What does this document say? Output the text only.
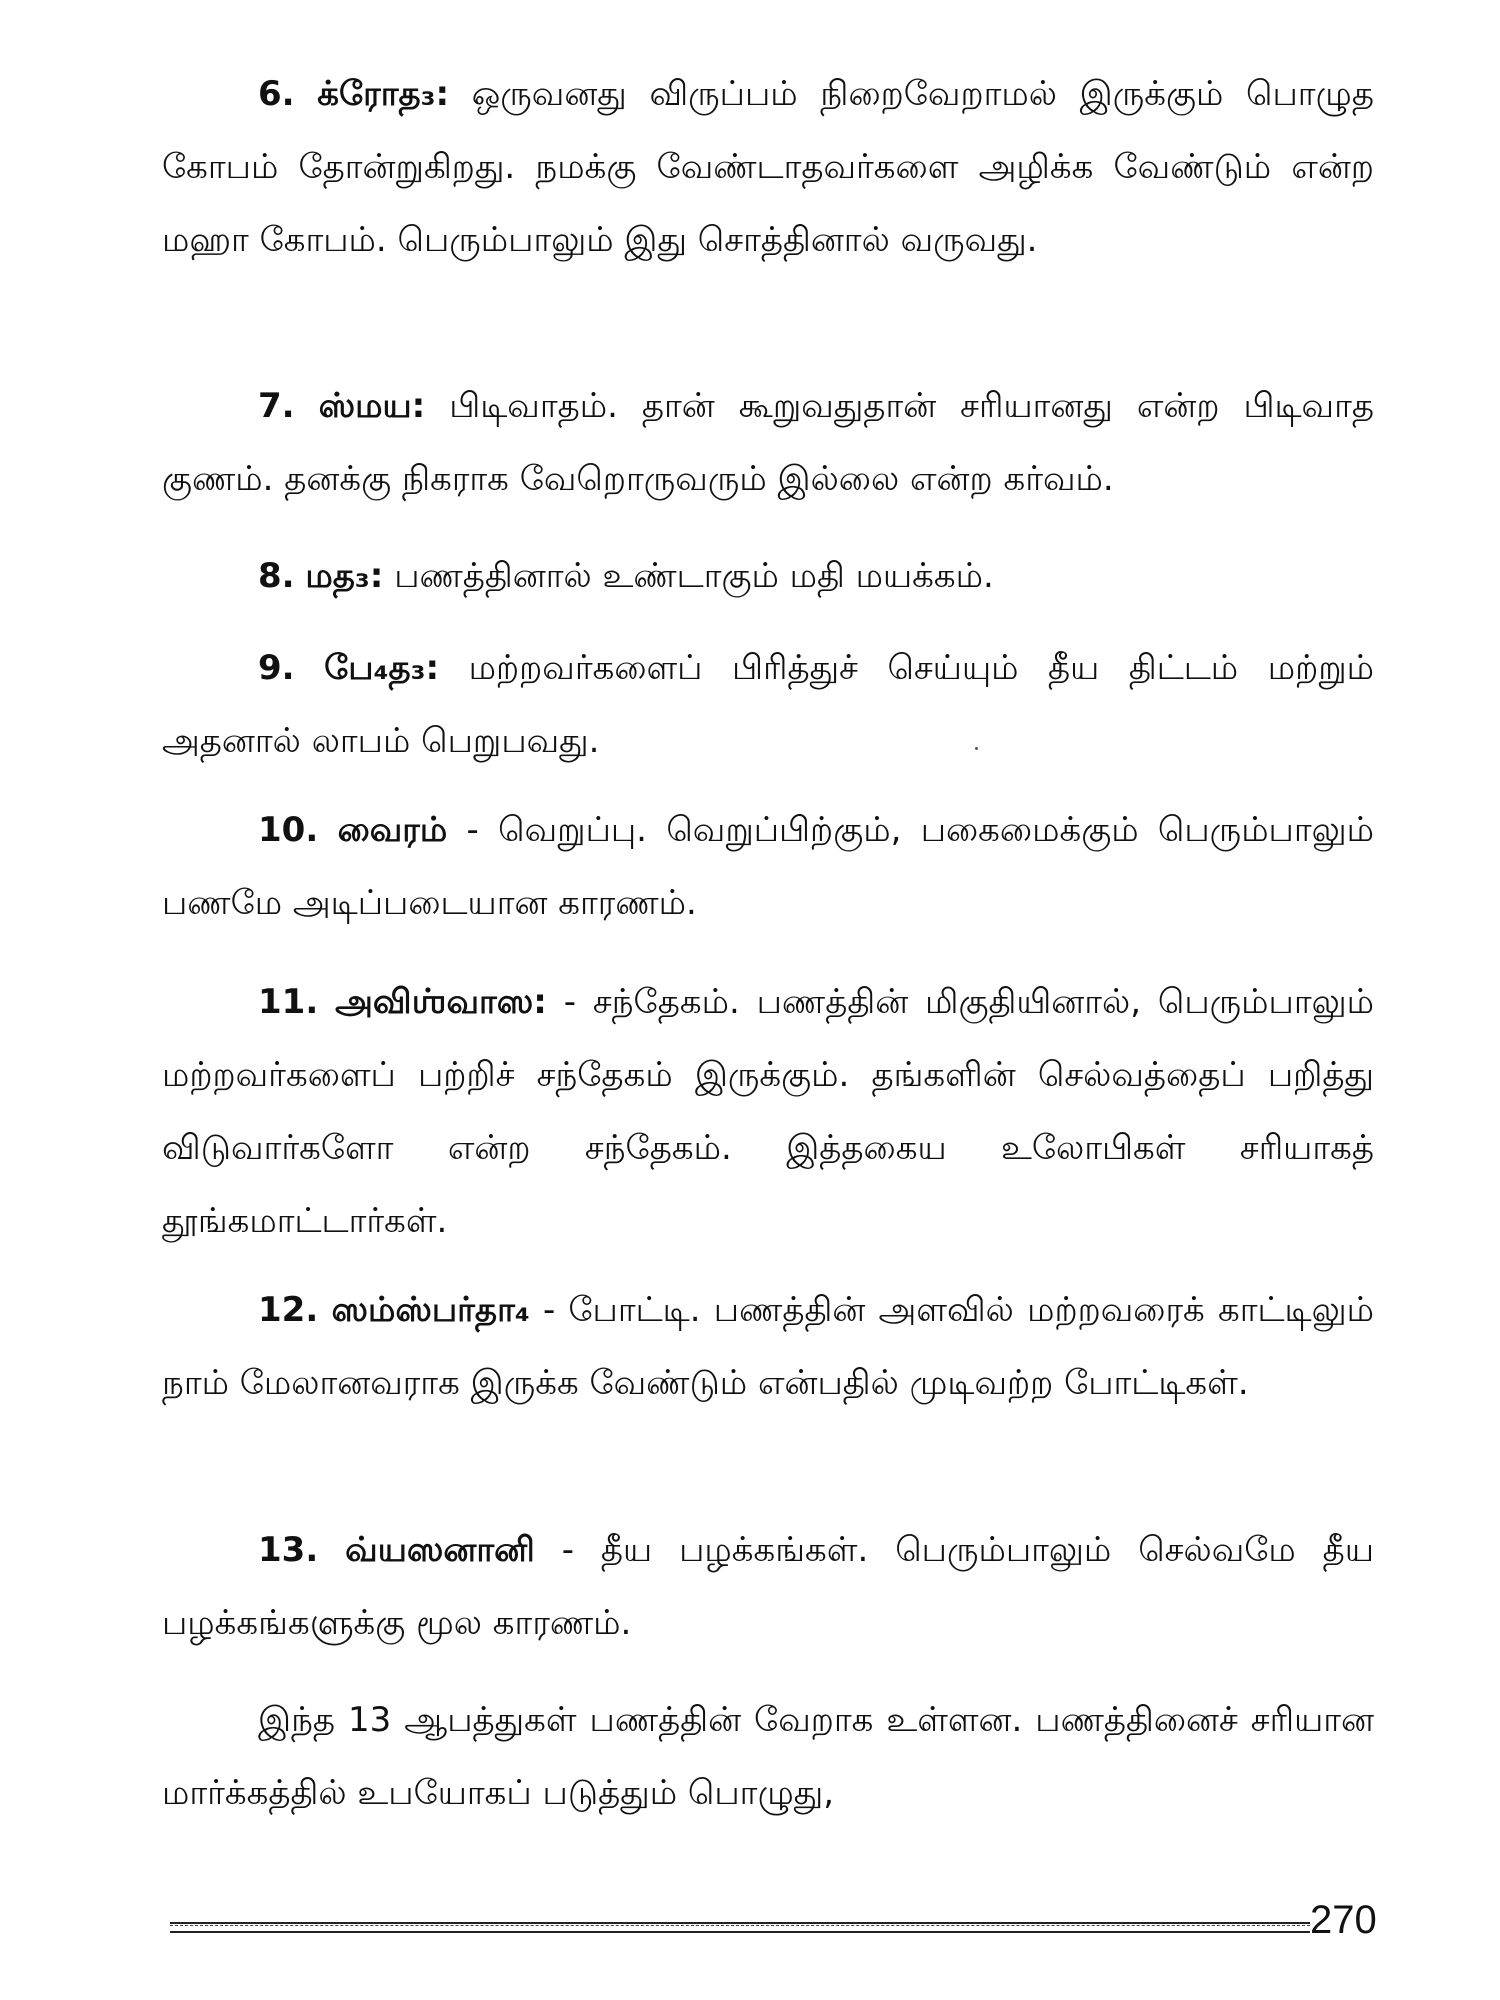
6. க்ரோத₃: ஒருவனது விருப்பம் நிறைவேறாமல் இருக்கும் பொழுத கோபம் தோன்றுகிறது. நமக்கு வேண்டாதவர்களை அழிக்க வேண்டும் என்ற மஹா கோபம். பெரும்பாலும் இது சொத்தினால் வருவது.

7. ஸ்மய: பிடிவாதம். தான் கூறுவதுதான் சரியானது என்ற பிடிவாத குணம். தனக்கு நிகராக வேறொருவரும் இல்லை என்ற கர்வம்.

8. மத₃: பணத்தினால் உண்டாகும் மதி மயக்கம்.

9. பே₄த₃: மற்றவர்களைப் பிரித்துச் செய்யும் தீய திட்டம் மற்றும் அதனால் லாபம் பெறுபவது.

10. வைரம் - வெறுப்பு. வெறுப்பிற்கும், பகைமைக்கும் பெரும்பாலும் பணமே அடிப்படையான காரணம்.

11. அவிஶ்வாஸ: - சந்தேகம். பணத்தின் மிகுதியினால், பெரும்பாலும் மற்றவர்களைப் பற்றிச் சந்தேகம் இருக்கும். தங்களின் செல்வத்தைப் பறித்து விடுவார்களோ என்ற சந்தேகம். இத்தகைய உலோபிகள் சரியாகத் தூங்கமாட்டார்கள்.

12. ஸம்ஸ்பர்தா₄ - போட்டி. பணத்தின் அளவில் மற்றவரைக் காட்டிலும் நாம் மேலானவராக இருக்க வேண்டும் என்பதில் முடிவற்ற போட்டிகள்.

13. வ்யஸனானி - தீய பழக்கங்கள். பெரும்பாலும் செல்வமே தீய பழக்கங்களுக்கு மூல காரணம்.

இந்த 13 ஆபத்துகள் பணத்தின் வேறாக உள்ளன. பணத்தினைச் சரியான மார்க்கத்தில் உபயோகப் படுத்தும் பொழுது,

270
